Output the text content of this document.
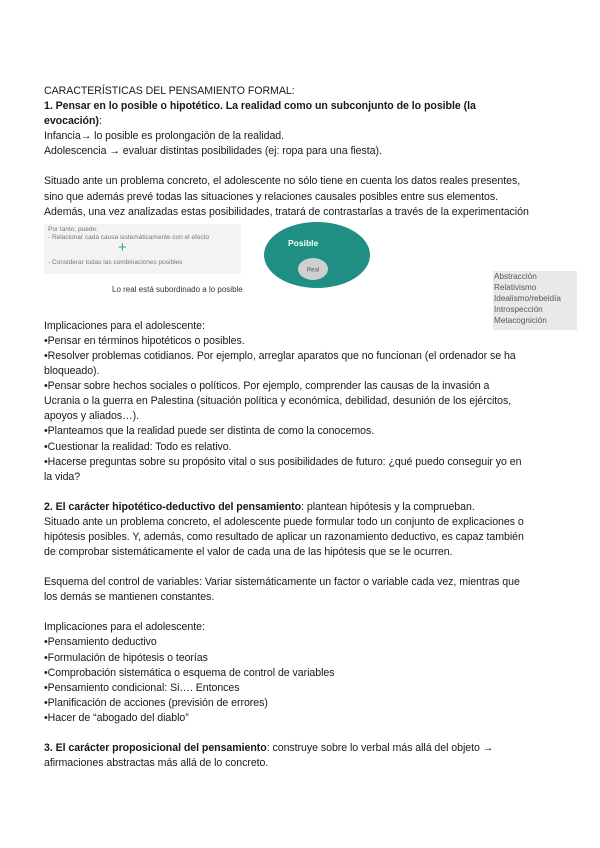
CARACTERÍSTICAS DEL PENSAMIENTO FORMAL:
1. Pensar en lo posible o hipotético. La realidad como un subconjunto de lo posible (la
evocación):
Infancia→ lo posible es prolongación de la realidad.
Adolescencia → evaluar distintas posibilidades (ej: ropa para una fiesta).
Situado ante un problema concreto, el adolescente no sólo tiene en cuenta los datos reales presentes,
sino que además prevé todas las situaciones y relaciones causales posibles entre sus elementos.
Además, una vez analizadas estas posibilidades, tratará de contrastarlas a través de la experimentación
Por tanto, puede:
- Relacionar cada causa sistemáticamente con el efecto
+
- Considerar todas las combinaciones posibles
Lo real está subordinado a lo posible
Posible
Real
Abstracción
Relativismo
Idealismo/rebeldía
Introspección
Metacognición
Implicaciones para el adolescente:
•Pensar en términos hipotéticos o posibles.
•Resolver problemas cotidianos. Por ejemplo, arreglar aparatos que no funcionan (el ordenador se ha
bloqueado).
•Pensar sobre hechos sociales o políticos. Por ejemplo, comprender las causas de la invasión a
Ucrania o la guerra en Palestina (situación política y económica, debilidad, desunión de los ejércitos,
apoyos y aliados…).
•Planteamos que la realidad puede ser distinta de como la conocemos.
•Cuestionar la realidad: Todo es relativo.
•Hacerse preguntas sobre su propósito vital o sus posibilidades de futuro: ¿qué puedo conseguir yo en
la vida?
2. El carácter hipotético-deductivo del pensamiento: plantean hipótesis y la comprueban.
Situado ante un problema concreto, el adolescente puede formular todo un conjunto de explicaciones o
hipótesis posibles. Y, además, como resultado de aplicar un razonamiento deductivo, es capaz también
de comprobar sistemáticamente el valor de cada una de las hipótesis que se le ocurren.
Esquema del control de variables: Variar sistemáticamente un factor o variable cada vez, mientras que
los demás se mantienen constantes.
Implicaciones para el adolescente:
•Pensamiento deductivo
•Formulación de hipótesis o teorías
•Comprobación sistemática o esquema de control de variables
•Pensamiento condicional: Si…. Entonces
•Planificación de acciones (previsión de errores)
•Hacer de “abogado del diablo”
3. El carácter proposicional del pensamiento: construye sobre lo verbal más allá del objeto →
afirmaciones abstractas más allá de lo concreto.
